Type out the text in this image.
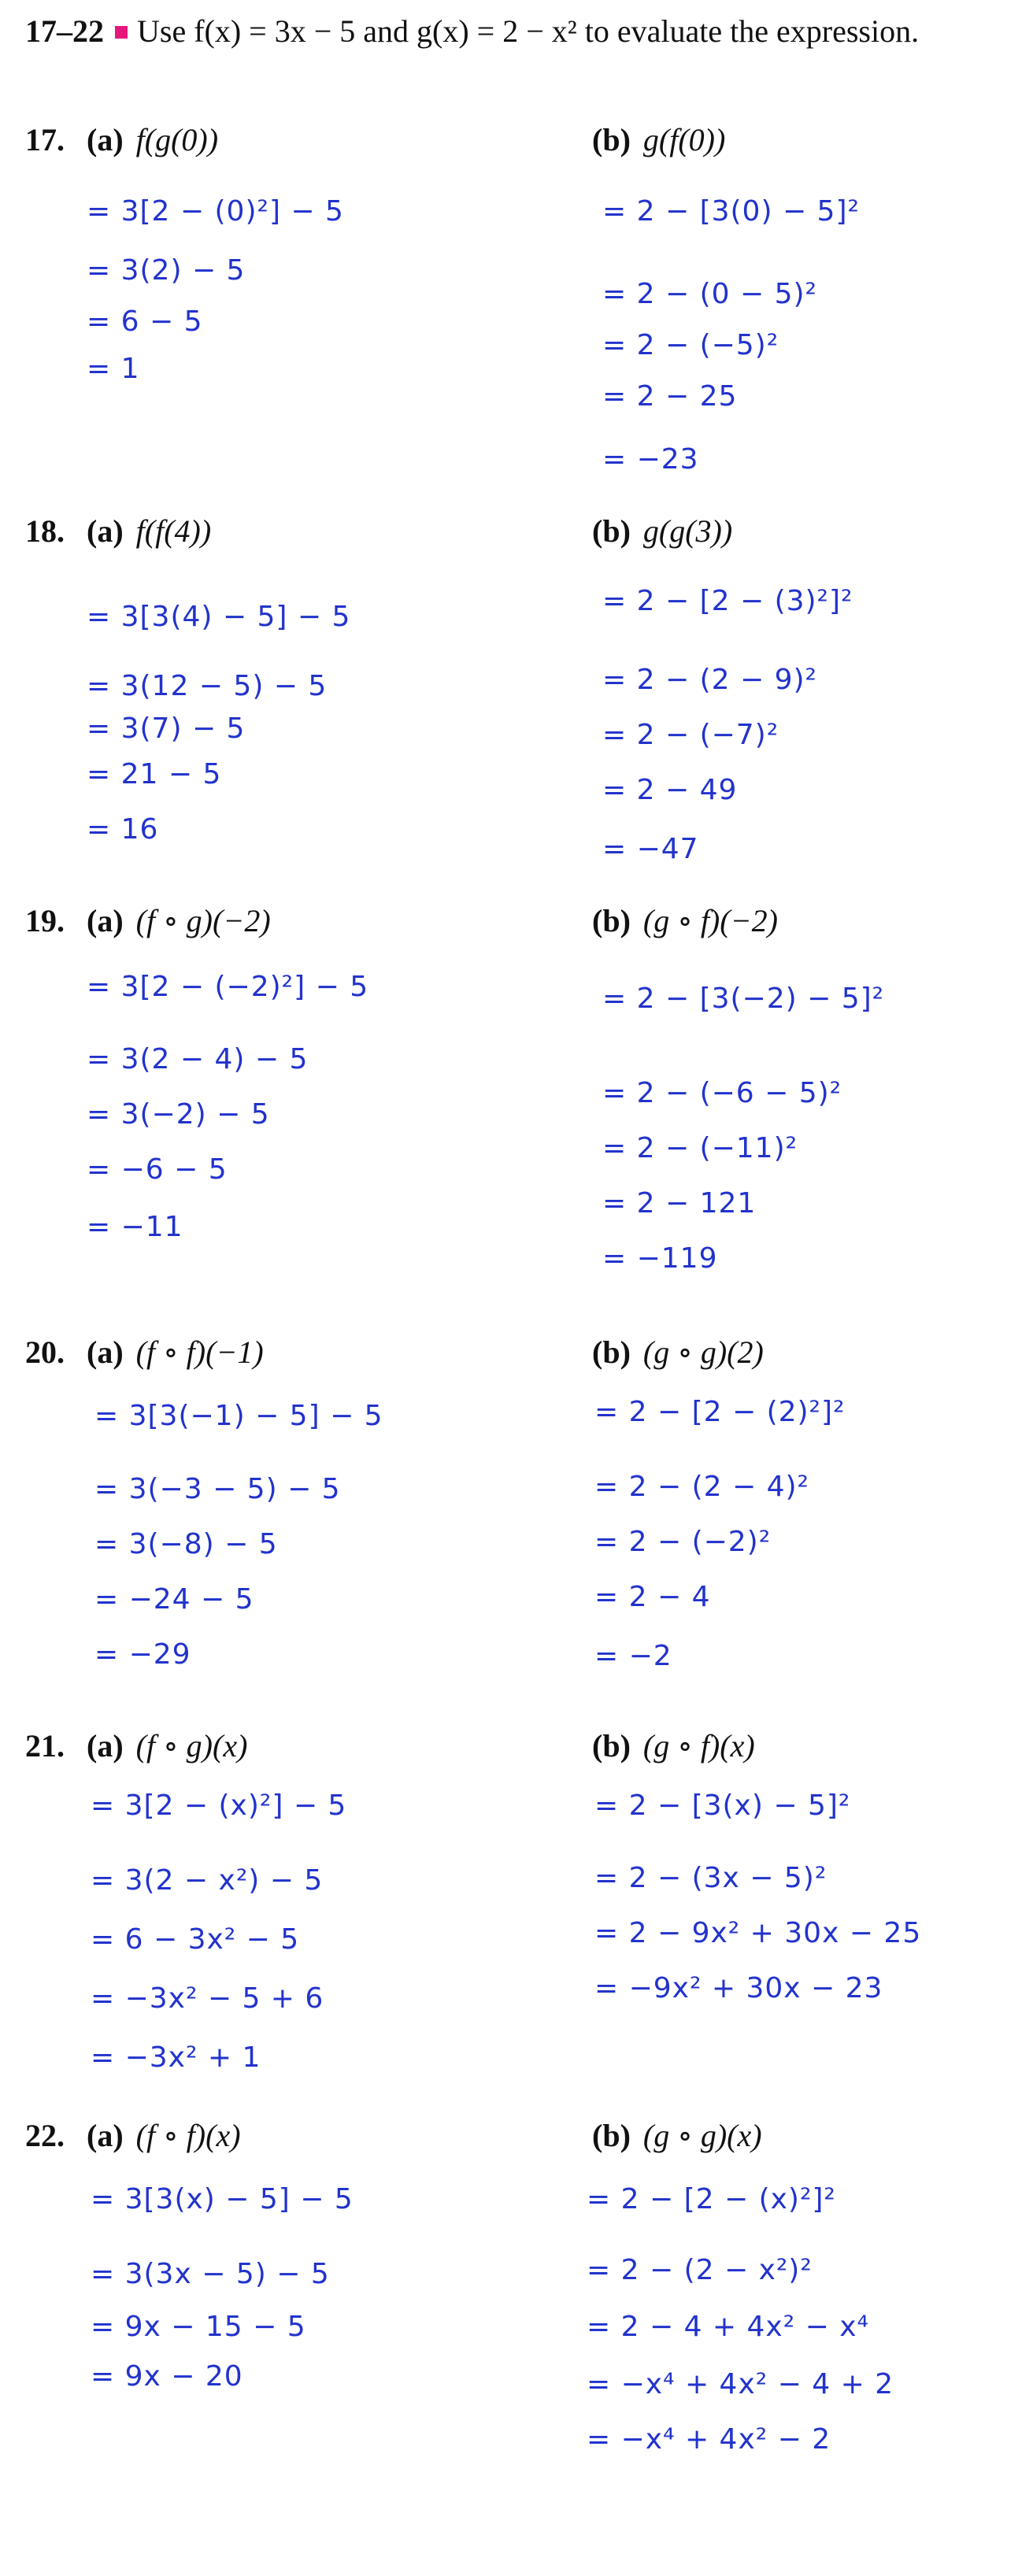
17–22 Use f(x) = 3x − 5 and g(x) = 2 − x² to evaluate the expression.
17. (a) f(g(0))	(b) g(f(0))
= 3[2 − (0)²] − 5
= 3(2) − 5
= 6 − 5
= 1
= 2 − [3(0) − 5]²
= 2 − (0 − 5)²
= 2 − (−5)²
= 2 − 25
= −23
18. (a) f(f(4))	(b) g(g(3))
= 3[3(4) − 5] − 5
= 3(12 − 5) − 5
= 3(7) − 5
= 21 − 5
= 16
= 2 − [2 − (3)²]²
= 2 − (2 − 9)²
= 2 − (−7)²
= 2 − 49
= −47
19. (a) (f ∘ g)(−2)	(b) (g ∘ f)(−2)
= 3[2 − (−2)²] − 5
= 3(2 − 4) − 5
= 3(−2) − 5
= −6 − 5
= −11
= 2 − [3(−2) − 5]²
= 2 − (−6 − 5)²
= 2 − (−11)²
= 2 − 121
= −119
20. (a) (f ∘ f)(−1)	(b) (g ∘ g)(2)
= 3[3(−1) − 5] − 5
= 3(−3 − 5) − 5
= 3(−8) − 5
= −24 − 5
= −29
= 2 − [2 − (2)²]²
= 2 − (2 − 4)²
= 2 − (−2)²
= 2 − 4
= −2
21. (a) (f ∘ g)(x)	(b) (g ∘ f)(x)
= 3[2 − (x)²] − 5
= 3(2 − x²) − 5
= 6 − 3x² − 5
= −3x² − 5 + 6
= −3x² + 1
= 2 − [3(x) − 5]²
= 2 − (3x − 5)²
= 2 − 9x² + 30x − 25
= −9x² + 30x − 23
22. (a) (f ∘ f)(x)	(b) (g ∘ g)(x)
= 3[3(x) − 5] − 5
= 3(3x − 5) − 5
= 9x − 15 − 5
= 9x − 20
= 2 − [2 − (x)²]²
= 2 − (2 − x²)²
= 2 − 4 + 4x² − x⁴
= −x⁴ + 4x² − 4 + 2
= −x⁴ + 4x² − 2
